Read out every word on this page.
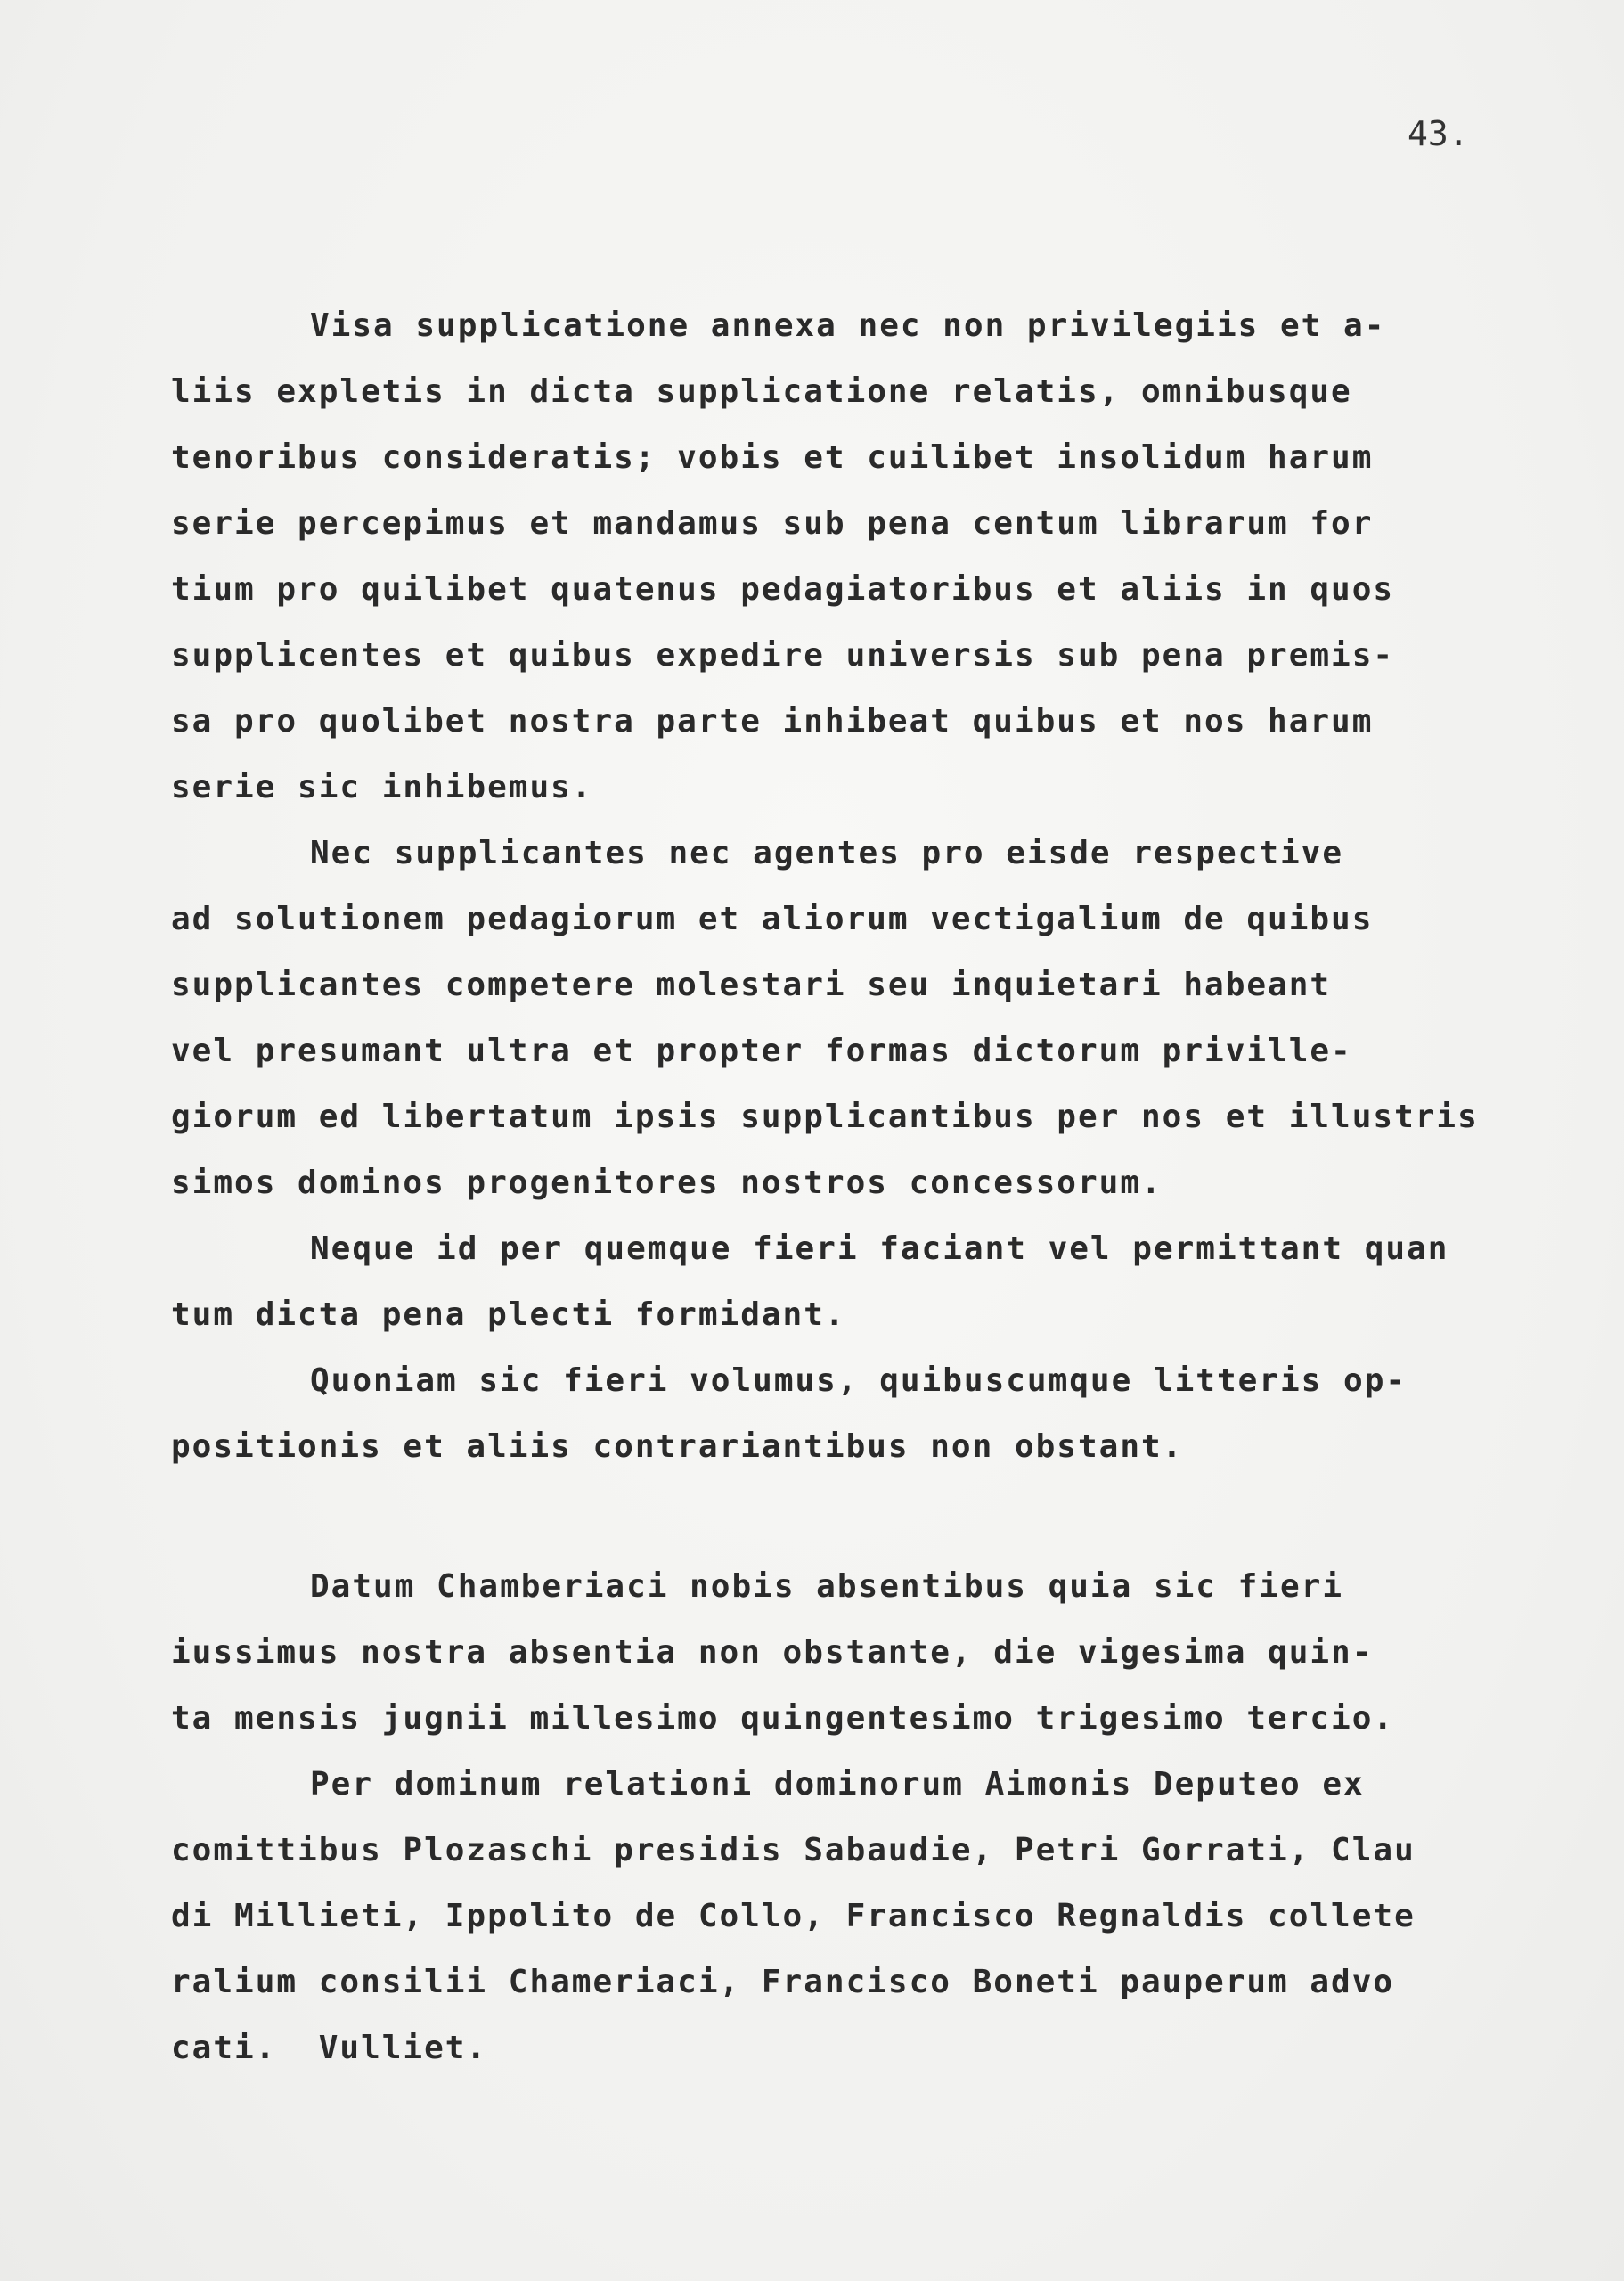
43.
Visa supplicatione annexa nec non privilegiis et a-
liis expletis in dicta supplicatione relatis, omnibusque
tenoribus consideratis; vobis et cuilibet insolidum harum
serie percepimus et mandamus sub pena centum librarum for
tium pro quilibet quatenus pedagiatoribus et aliis in quos
supplicentes et quibus expedire universis sub pena premis-
sa pro quolibet nostra parte inhibeat quibus et nos harum
serie sic inhibemus.
Nec supplicantes nec agentes pro eisde respective
ad solutionem pedagiorum et aliorum vectigalium de quibus
supplicantes competere molestari seu inquietari habeant
vel presumant ultra et propter formas dictorum priville-
giorum ed libertatum ipsis supplicantibus per nos et illustris
simos dominos progenitores nostros concessorum.
Neque id per quemque fieri faciant vel permittant quan
tum dicta pena plecti formidant.
Quoniam sic fieri volumus, quibuscumque litteris op-
positionis et aliis contrariantibus non obstant.
Datum Chamberiaci nobis absentibus quia sic fieri
iussimus nostra absentia non obstante, die vigesima quin-
ta mensis jugnii millesimo quingentesimo trigesimo tercio.
Per dominum relationi dominorum Aimonis Deputeo ex
comittibus Plozaschi presidis Sabaudie, Petri Gorrati, Clau
di Millieti, Ippolito de Collo, Francisco Regnaldis collete
ralium consilii Chameriaci, Francisco Boneti pauperum advo
cati.  Vulliet.
